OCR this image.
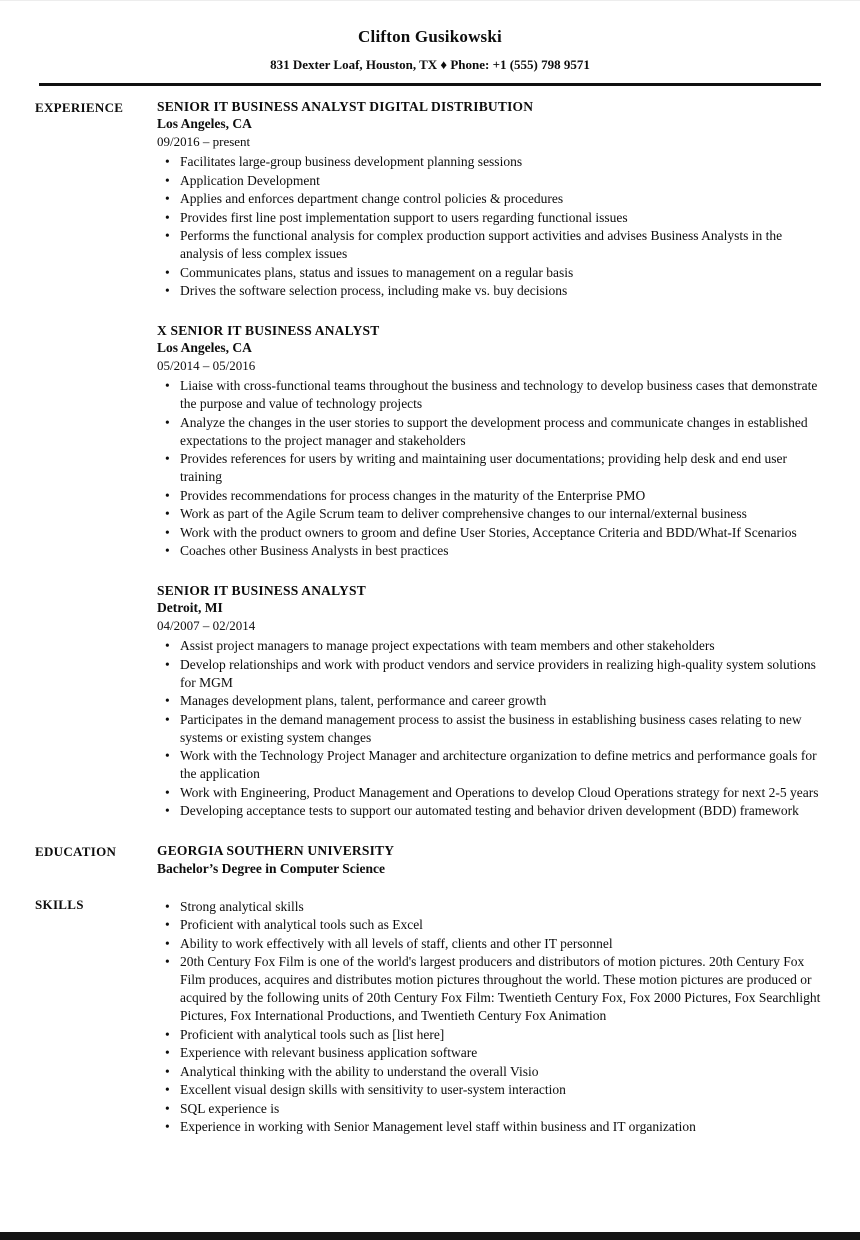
Clifton Gusikowski
831 Dexter Loaf, Houston, TX ♦ Phone: +1 (555) 798 9571
EXPERIENCE	SENIOR IT BUSINESS ANALYST DIGITAL DISTRIBUTION
Los Angeles, CA
09/2016 – present
• Facilitates large-group business development planning sessions
• Application Development
• Applies and enforces department change control policies & procedures
• Provides first line post implementation support to users regarding functional issues
• Performs the functional analysis for complex production support activities and advises Business Analysts in the analysis of less complex issues
• Communicates plans, status and issues to management on a regular basis
• Drives the software selection process, including make vs. buy decisions
X SENIOR IT BUSINESS ANALYST
Los Angeles, CA
05/2014 – 05/2016
• Liaise with cross-functional teams throughout the business and technology to develop business cases that demonstrate the purpose and value of technology projects
• Analyze the changes in the user stories to support the development process and communicate changes in established expectations to the project manager and stakeholders
• Provides references for users by writing and maintaining user documentations; providing help desk and end user training
• Provides recommendations for process changes in the maturity of the Enterprise PMO
• Work as part of the Agile Scrum team to deliver comprehensive changes to our internal/external business
• Work with the product owners to groom and define User Stories, Acceptance Criteria and BDD/What-If Scenarios
• Coaches other Business Analysts in best practices
SENIOR IT BUSINESS ANALYST
Detroit, MI
04/2007 – 02/2014
• Assist project managers to manage project expectations with team members and other stakeholders
• Develop relationships and work with product vendors and service providers in realizing high-quality system solutions for MGM
• Manages development plans, talent, performance and career growth
• Participates in the demand management process to assist the business in establishing business cases relating to new systems or existing system changes
• Work with the Technology Project Manager and architecture organization to define metrics and performance goals for the application
• Work with Engineering, Product Management and Operations to develop Cloud Operations strategy for next 2-5 years
• Developing acceptance tests to support our automated testing and behavior driven development (BDD) framework
EDUCATION	GEORGIA SOUTHERN UNIVERSITY
Bachelor’s Degree in Computer Science
SKILLS	• Strong analytical skills
• Proficient with analytical tools such as Excel
• Ability to work effectively with all levels of staff, clients and other IT personnel
• 20th Century Fox Film is one of the world's largest producers and distributors of motion pictures. 20th Century Fox Film produces, acquires and distributes motion pictures throughout the world. These motion pictures are produced or acquired by the following units of 20th Century Fox Film: Twentieth Century Fox, Fox 2000 Pictures, Fox Searchlight Pictures, Fox International Productions, and Twentieth Century Fox Animation
• Proficient with analytical tools such as [list here]
• Experience with relevant business application software
• Analytical thinking with the ability to understand the overall Visio
• Excellent visual design skills with sensitivity to user-system interaction
• SQL experience is
• Experience in working with Senior Management level staff within business and IT organization
